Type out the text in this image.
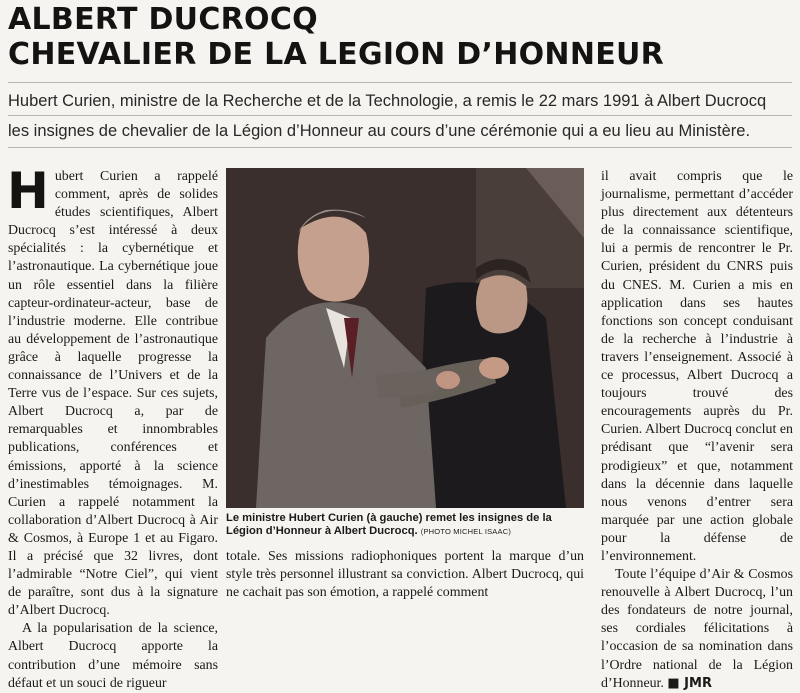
ALBERT DUCROCQ
CHEVALIER DE LA LEGION D’HONNEUR
Hubert Curien, ministre de la Recherche et de la Technologie, a remis le 22 mars 1991 à Albert Ducrocq
les insignes de chevalier de la Légion d’Honneur au cours d’une cérémonie qui a eu lieu au Ministère.

Hubert Curien a rappelé comment, après de solides études scientifiques, Albert Ducrocq s’est intéressé à deux spécialités : la cybernétique et l’astronautique. La cybernétique joue un rôle essentiel dans la filière capteur-ordinateur-acteur, base de l’industrie moderne. Elle contribue au développement de l’astronautique grâce à laquelle progresse la connaissance de l’Univers et de la Terre vus de l’espace. Sur ces sujets, Albert Ducrocq a, par de remarquables et innombrables publications, conférences et émissions, apporté à la science d’inestimables témoignages. M. Curien a rappelé notamment la collaboration d’Albert Ducrocq à Air & Cosmos, à Europe 1 et au Figaro. Il a précisé que 32 livres, dont l’admirable “Notre Ciel”, qui vient de paraître, sont dus à la signature d’Albert Ducrocq.

A la popularisation de la science, Albert Ducrocq apporte la contribution d’une mémoire sans défaut et un souci de rigueur

Le ministre Hubert Curien (à gauche) remet les insignes de la Légion d’Honneur à Albert Ducrocq. (PHOTO MICHEL ISAAC)

totale. Ses missions radiophoniques portent la marque d’un style très personnel illustrant sa conviction. Albert Ducrocq, qui ne cachait pas son émotion, a rappelé comment

il avait compris que le journalisme, permettant d’accéder plus directement aux détenteurs de la connaissance scientifique, lui a permis de rencontrer le Pr. Curien, président du CNRS puis du CNES. M. Curien a mis en application dans ses hautes fonctions son concept conduisant de la recherche à l’industrie à travers l’enseignement. Associé à ce processus, Albert Ducrocq a toujours trouvé des encouragements auprès du Pr. Curien. Albert Ducrocq conclut en prédisant que “l’avenir sera prodigieux” et que, notamment dans la décennie dans laquelle nous venons d’entrer sera marquée par une action globale pour la défense de l’environnement.

Toute l’équipe d’Air & Cosmos renouvelle à Albert Ducrocq, l’un des fondateurs de notre journal, ses cordiales félicitations à l’occasion de sa nomination dans l’Ordre national de la Légion d’Honneur. ■ JMR
